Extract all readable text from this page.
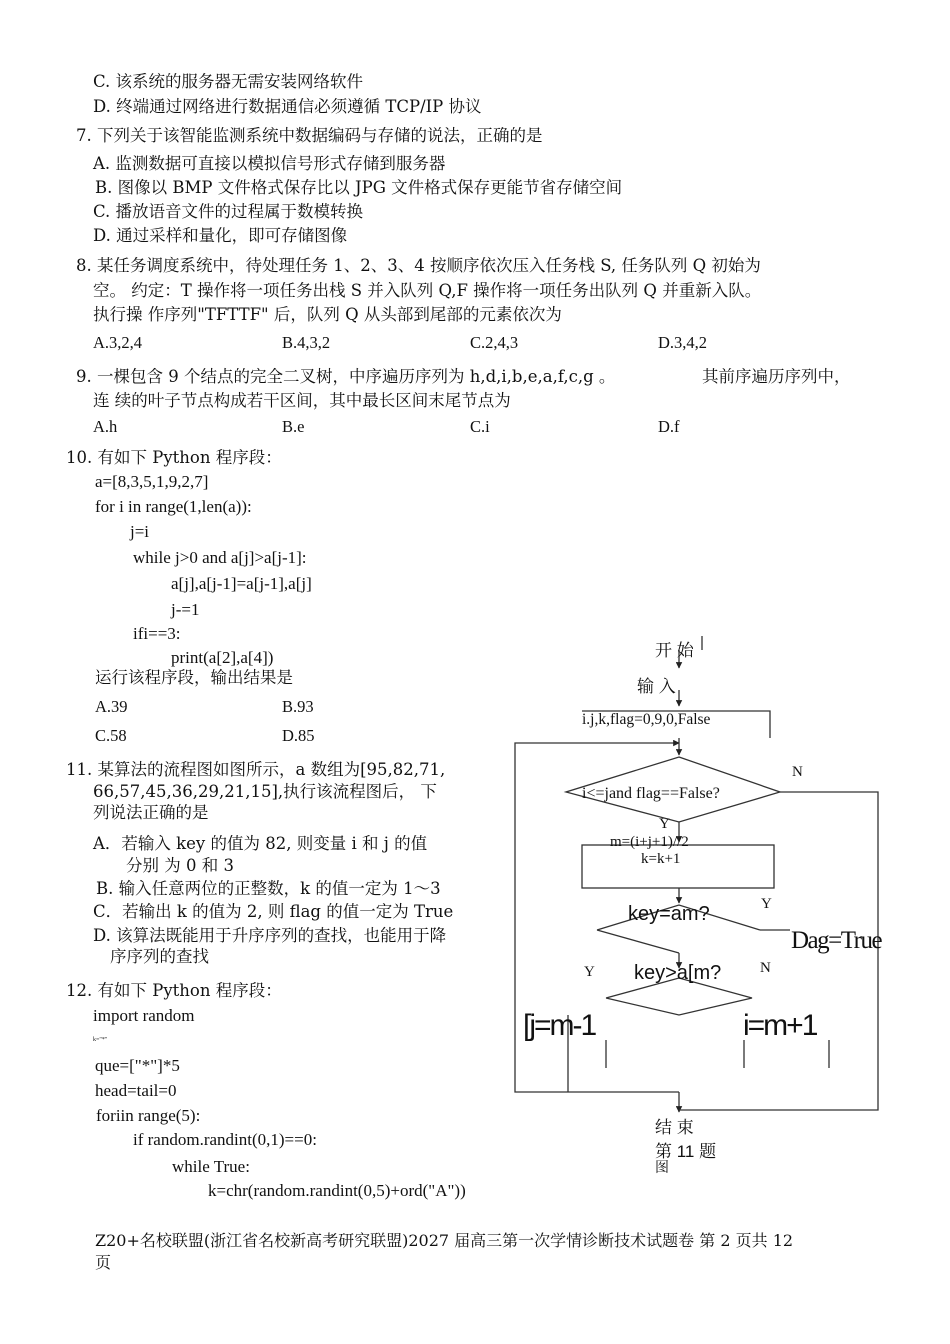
C. 该系统的服务器无需安装网络软件
D. 终端通过网络进行数据通信必须遵循 TCP/IP 协议
7. 下列关于该智能监测系统中数据编码与存储的说法，正确的是
A. 监测数据可直接以模拟信号形式存储到服务器
B. 图像以 BMP 文件格式保存比以 JPG 文件格式保存更能节省存储空间
C. 播放语音文件的过程属于数模转换
D. 通过采样和量化，即可存储图像
8. 某任务调度系统中，待处理任务 1、2、3、4 按顺序依次压入任务栈 S, 任务队列 Q 初始为
空。 约定：T 操作将一项任务出栈 S 并入队列 Q,F 操作将一项任务出队列 Q 并重新入队。
执行操 作序列"TFTTF" 后，队列 Q 从头部到尾部的元素依次为
A.3,2,4	B.4,3,2	C.2,4,3	D.3,4,2
9. 一棵包含 9 个结点的完全二叉树，中序遍历序列为 h,d,i,b,e,a,f,c,g 。	其前序遍历序列中，
连 续的叶子节点构成若干区间，其中最长区间末尾节点为
A.h	B.e	C.i	D.f
10. 有如下 Python 程序段：
a=[8,3,5,1,9,2,7]
for i in range(1,len(a)):
j=i
while j>0 and a[j]>a[j-1]:
a[j],a[j-1]=a[j-1],a[j]
j-=1
ifi==3:
print(a[2],a[4])
运行该程序段，输出结果是
A.39	B.93
C.58	D.85
11. 某算法的流程图如图所示，a 数组为[95,82,71,
66,57,45,36,29,21,15],执行该流程图后， 下
列说法正确的是
A．若输入 key 的值为 82, 则变量 i 和 j 的值
分别 为 0 和 3
B. 输入任意两位的正整数，k 的值一定为 1～3
C．若输出 k 的值为 2, 则 flag 的值一定为 True
D. 该算法既能用于升序序列的查找，也能用于降
序序列的查找
12. 有如下 Python 程序段：
import random
k="*"
que=["*"]*5
head=tail=0
foriin range(5):
if random.randint(0,1)==0:
while True:
k=chr(random.randint(0,5)+ord("A"))
开 始
输 入
i.j,k,flag=0,9,0,False
i<=jand flag==False?
N
Y
m=(i+j+1)//2
k=k+1
key=am?	Y
Dag=True
key>a[m?
Y	N
[j=m-1	i=m+1
结 束
第 11 题
图
Z20+名校联盟(浙江省名校新高考研究联盟)2027 届高三第一次学情诊断技术试题卷 第 2 页共 12
页
